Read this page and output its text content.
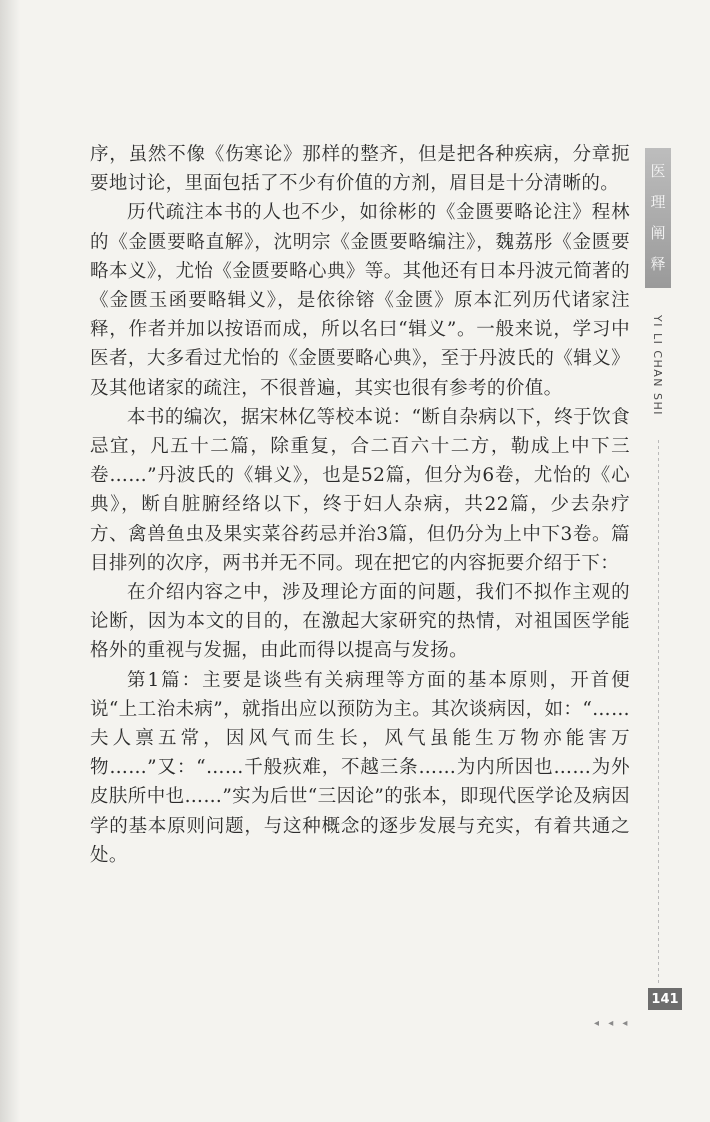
序，虽然不像《伤寒论》那样的整齐，但是把各种疾病，分章扼要地讨论，里面包括了不少有价值的方剂，眉目是十分清晰的。

历代疏注本书的人也不少，如徐彬的《金匮要略论注》程林的《金匮要略直解》，沈明宗《金匮要略编注》，魏荔彤《金匮要略本义》，尤怡《金匮要略心典》等。其他还有日本丹波元简著的《金匮玉函要略辑义》，是依徐镕《金匮》原本汇列历代诸家注释，作者并加以按语而成，所以名曰“辑义”。一般来说，学习中医者，大多看过尤怡的《金匮要略心典》，至于丹波氏的《辑义》及其他诸家的疏注，不很普遍，其实也很有参考的价值。

本书的编次，据宋林亿等校本说：“断自杂病以下，终于饮食忌宜，凡五十二篇，除重复，合二百六十二方，勒成上中下三卷……”丹波氏的《辑义》，也是52篇，但分为6卷，尤怡的《心典》，断自脏腑经络以下，终于妇人杂病，共22篇，少去杂疗方、禽兽鱼虫及果实菜谷药忌并治3篇，但仍分为上中下3卷。篇目排列的次序，两书并无不同。现在把它的内容扼要介绍于下：

在介绍内容之中，涉及理论方面的问题，我们不拟作主观的论断，因为本文的目的，在激起大家研究的热情，对祖国医学能格外的重视与发掘，由此而得以提高与发扬。

第1篇：主要是谈些有关病理等方面的基本原则，开首便说“上工治未病”，就指出应以预防为主。其次谈病因，如：“……夫人禀五常，因风气而生长，风气虽能生万物亦能害万物……”又：“……千般疢难，不越三条……为内所因也……为外皮肤所中也……”实为后世“三因论”的张本，即现代医学论及病因学的基本原则问题，与这种概念的逐步发展与充实，有着共通之处。

医
理
阐
释
YI LI CHAN SHI
141
◂ ◂ ◂
